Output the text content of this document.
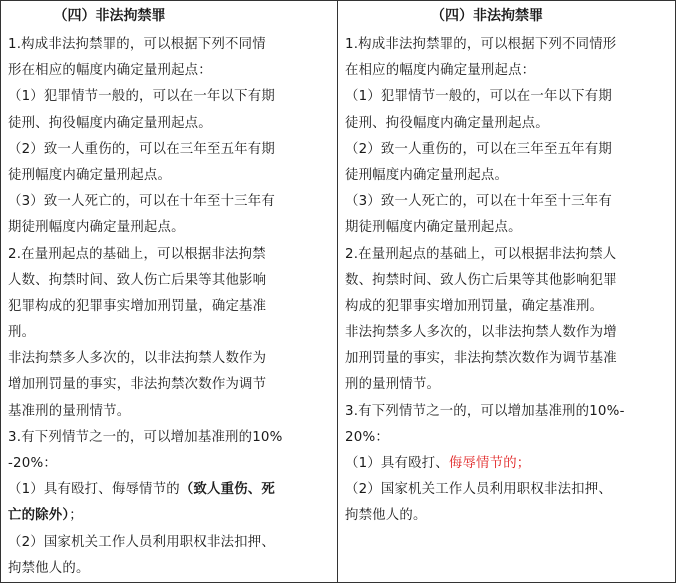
（四）非法拘禁罪
1.构成非法拘禁罪的，可以根据下列不同情
形在相应的幅度内确定量刑起点：
（1）犯罪情节一般的，可以在一年以下有期
徒刑、拘役幅度内确定量刑起点。
（2）致一人重伤的，可以在三年至五年有期
徒刑幅度内确定量刑起点。
（3）致一人死亡的，可以在十年至十三年有
期徒刑幅度内确定量刑起点。
2.在量刑起点的基础上，可以根据非法拘禁
人数、拘禁时间、致人伤亡后果等其他影响
犯罪构成的犯罪事实增加刑罚量，确定基准
刑。
非法拘禁多人多次的，以非法拘禁人数作为
增加刑罚量的事实，非法拘禁次数作为调节
基准刑的量刑情节。
3.有下列情节之一的，可以增加基准刑的10%
-20%：
（1）具有殴打、侮辱情节的（致人重伤、死
亡的除外）；
（2）国家机关工作人员利用职权非法扣押、
拘禁他人的。

（四）非法拘禁罪
1.构成非法拘禁罪的，可以根据下列不同情形
在相应的幅度内确定量刑起点：
（1）犯罪情节一般的，可以在一年以下有期
徒刑、拘役幅度内确定量刑起点。
（2）致一人重伤的，可以在三年至五年有期
徒刑幅度内确定量刑起点。
（3）致一人死亡的，可以在十年至十三年有
期徒刑幅度内确定量刑起点。
2.在量刑起点的基础上，可以根据非法拘禁人
数、拘禁时间、致人伤亡后果等其他影响犯罪
构成的犯罪事实增加刑罚量，确定基准刑。
非法拘禁多人多次的，以非法拘禁人数作为增
加刑罚量的事实，非法拘禁次数作为调节基准
刑的量刑情节。
3.有下列情节之一的，可以增加基准刑的10%-
20%：
（1）具有殴打、侮辱情节的；
（2）国家机关工作人员利用职权非法扣押、
拘禁他人的。
